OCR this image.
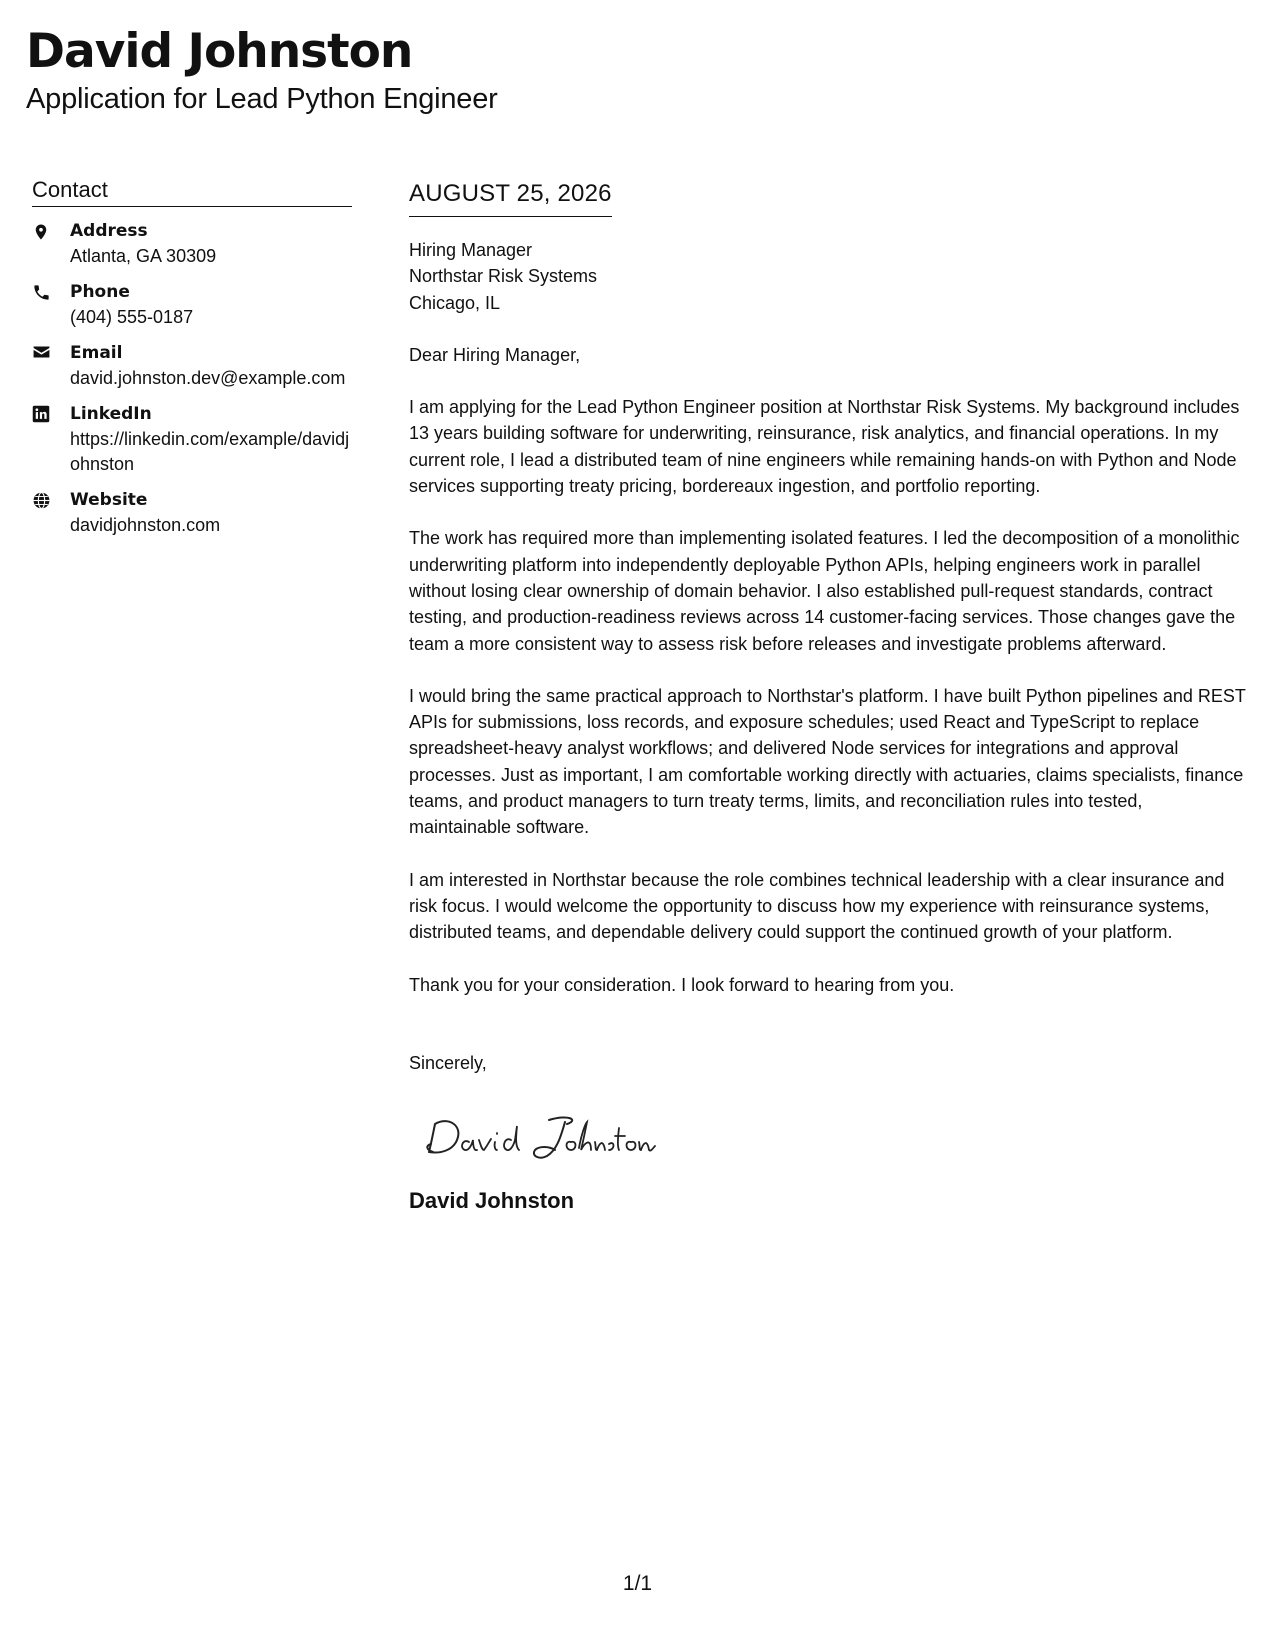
David Johnston

Application for Lead Python Engineer

Contact
Address
Atlanta, GA 30309
Phone
(404) 555-0187
Email
david.johnston.dev@example.com
LinkedIn
https://linkedin.com/example/davidjohnston
Website
davidjohnston.com
AUGUST 25, 2026
Hiring Manager
Northstar Risk Systems
Chicago, IL

Dear Hiring Manager,

I am applying for the Lead Python Engineer position at Northstar Risk Systems. My background includes 13 years building software for underwriting, reinsurance, risk analytics, and financial operations. In my current role, I lead a distributed team of nine engineers while remaining hands-on with Python and Node services supporting treaty pricing, bordereaux ingestion, and portfolio reporting.

The work has required more than implementing isolated features. I led the decomposition of a monolithic underwriting platform into independently deployable Python APIs, helping engineers work in parallel without losing clear ownership of domain behavior. I also established pull-request standards, contract testing, and production-readiness reviews across 14 customer-facing services. Those changes gave the team a more consistent way to assess risk before releases and investigate problems afterward.

I would bring the same practical approach to Northstar's platform. I have built Python pipelines and REST APIs for submissions, loss records, and exposure schedules; used React and TypeScript to replace spreadsheet-heavy analyst workflows; and delivered Node services for integrations and approval processes. Just as important, I am comfortable working directly with actuaries, claims specialists, finance teams, and product managers to turn treaty terms, limits, and reconciliation rules into tested, maintainable software.

I am interested in Northstar because the role combines technical leadership with a clear insurance and risk focus. I would welcome the opportunity to discuss how my experience with reinsurance systems, distributed teams, and dependable delivery could support the continued growth of your platform.

Thank you for your consideration. I look forward to hearing from you.

Sincerely,

David Johnston
1/1
